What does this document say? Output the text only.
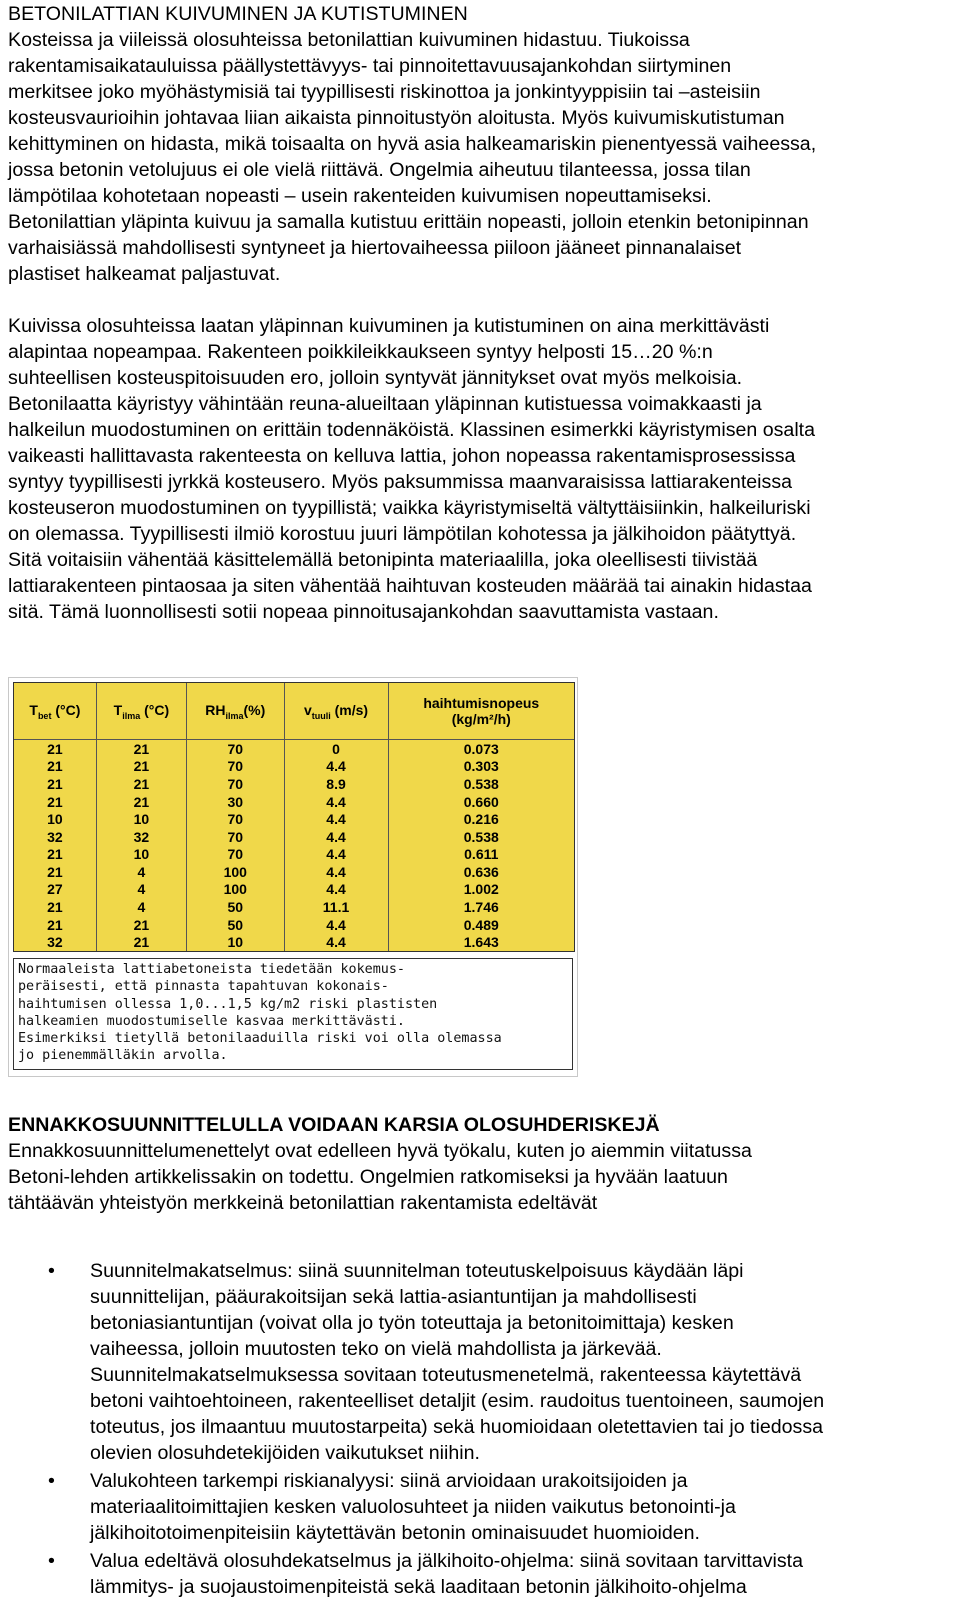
BETONILATTIAN KUIVUMINEN JA KUTISTUMINEN

Kosteissa ja viileissä olosuhteissa betonilattian kuivuminen hidastuu. Tiukoissa
rakentamisaikatauluissa päällystettävyys- tai pinnoitettavuusajankohdan siirtyminen
merkitsee joko myöhästymisiä tai tyypillisesti riskinottoa ja jonkintyyppisiin tai –asteisiin
kosteusvaurioihin johtavaa liian aikaista pinnoitustyön aloitusta. Myös kuivumiskutistuman
kehittyminen on hidasta, mikä toisaalta on hyvä asia halkeamariskin pienentyessä vaiheessa,
jossa betonin vetolujuus ei ole vielä riittävä. Ongelmia aiheutuu tilanteessa, jossa tilan
lämpötilaa kohotetaan nopeasti – usein rakenteiden kuivumisen nopeuttamiseksi.
Betonilattian yläpinta kuivuu ja samalla kutistuu erittäin nopeasti, jolloin etenkin betonipinnan
varhaisiässä mahdollisesti syntyneet ja hiertovaiheessa piiloon jääneet pinnanalaiset
plastiset halkeamat paljastuvat.
Kuivissa olosuhteissa laatan yläpinnan kuivuminen ja kutistuminen on aina merkittävästi
alapintaa nopeampaa. Rakenteen poikkileikkaukseen syntyy helposti 15…20 %:n
suhteellisen kosteuspitoisuuden ero, jolloin syntyvät jännitykset ovat myös melkoisia.
Betonilaatta käyristyy vähintään reuna-alueiltaan yläpinnan kutistuessa voimakkaasti ja
halkeilun muodostuminen on erittäin todennäköistä. Klassinen esimerkki käyristymisen osalta
vaikeasti hallittavasta rakenteesta on kelluva lattia, johon nopeassa rakentamisprosessissa
syntyy tyypillisesti jyrkkä kosteusero. Myös paksummissa maanvaraisissa lattiarakenteissa
kosteuseron muodostuminen on tyypillistä; vaikka käyristymiseltä vältyttäisiinkin, halkeiluriski
on olemassa. Tyypillisesti ilmiö korostuu juuri lämpötilan kohotessa ja jälkihoidon päätyttyä.
Sitä voitaisiin vähentää käsittelemällä betonipinta materiaalilla, joka oleellisesti tiivistää
lattiarakenteen pintaosaa ja siten vähentää haihtuvan kosteuden määrää tai ainakin hidastaa
sitä. Tämä luonnollisesti sotii nopeaa pinnoitusajankohdan saavuttamista vastaan.
$T_{bet}$ (°C)	$T_{ilma}$ (°C)	$RH_{ilma}(\%)$	$v_{tuuli}$ (m/s)	haihtumisnopeus
(kg/m²/h)
21	21	70	0	0.073
21	21	70	4.4	0.303
21	21	70	8.9	0.538
21	21	30	4.4	0.660
10	10	70	4.4	0.216
32	32	70	4.4	0.538
21	10	70	4.4	0.611
21	4	100	4.4	0.636
27	4	100	4.4	1.002
21	4	50	11.1	1.746
21	21	50	4.4	0.489
32	21	10	4.4	1.643
Normaaleista lattiabetoneista tiedetään kokemus-
peräisesti, että pinnasta tapahtuvan kokonais-
haihtumisen ollessa 1,0...1,5 kg/m2 riski plastisten
halkeamien muodostumiselle kasvaa merkittävästi.
Esimerkiksi tietyllä betonilaaduilla riski voi olla olemassa
jo pienemmälläkin arvolla.

ENNAKKOSUUNNITTELULLA VOIDAAN KARSIA OLOSUHDERISKEJÄ

Ennakkosuunnittelumenettelyt ovat edelleen hyvä työkalu, kuten jo aiemmin viitatussa
Betoni-lehden artikkelissakin on todettu. Ongelmien ratkomiseksi ja hyvään laatuun
tähtäävän yhteistyön merkkeinä betonilattian rakentamista edeltävät
• Suunnitelmakatselmus: siinä suunnitelman toteutuskelpoisuus käydään läpi
suunnittelijan, pääurakoitsijan sekä lattia-asiantuntijan ja mahdollisesti
betoniasiantuntijan (voivat olla jo työn toteuttaja ja betonitoimittaja) kesken
vaiheessa, jolloin muutosten teko on vielä mahdollista ja järkevää.
Suunnitelmakatselmuksessa sovitaan toteutusmenetelmä, rakenteessa käytettävä
betoni vaihtoehtoineen, rakenteelliset detaljit (esim. raudoitus tuentoineen, saumojen
toteutus, jos ilmaantuu muutostarpeita) sekä huomioidaan oletettavien tai jo tiedossa
olevien olosuhdetekijöiden vaikutukset niihin.
• Valukohteen tarkempi riskianalyysi: siinä arvioidaan urakoitsijoiden ja
materiaalitoimittajien kesken valuolosuhteet ja niiden vaikutus betonointi-ja
jälkihoitotoimenpiteisiin käytettävän betonin ominaisuudet huomioiden.
• Valua edeltävä olosuhdekatselmus ja jälkihoito-ohjelma: siinä sovitaan tarvittavista
lämmitys- ja suojaustoimenpiteistä sekä laaditaan betonin jälkihoito-ohjelma
